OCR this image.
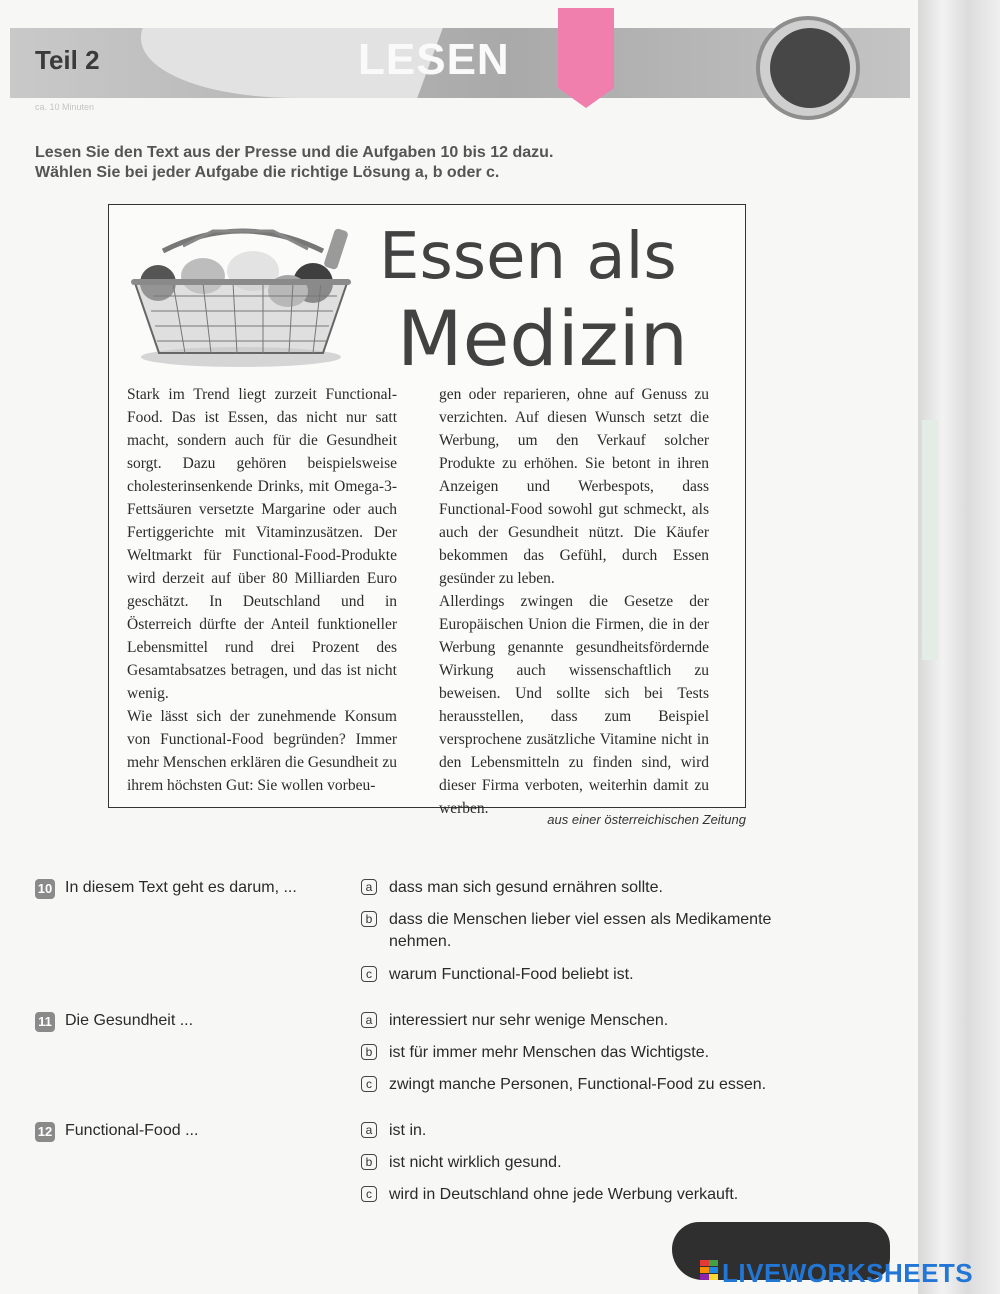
Teil 2	LESEN
ca. 10 Minuten
Lesen Sie den Text aus der Presse und die Aufgaben 10 bis 12 dazu.
Wählen Sie bei jeder Aufgabe die richtige Lösung a, b oder c.
Essen als
Medizin

Stark im Trend liegt zurzeit Functional-Food. Das ist Essen, das nicht nur satt macht, sondern auch für die Gesundheit sorgt. Dazu gehören beispielsweise cholesterinsenkende Drinks, mit Omega-3-Fettsäuren versetzte Margarine oder auch Fertiggerichte mit Vitaminzusätzen. Der Weltmarkt für Functional-Food-Produkte wird derzeit auf über 80 Milliarden Euro geschätzt. In Deutschland und in Österreich dürfte der Anteil funktioneller Lebensmittel rund drei Prozent des Gesamtabsatzes betragen, und das ist nicht wenig.

Wie lässt sich der zunehmende Konsum von Functional-Food begründen? Immer mehr Menschen erklären die Gesundheit zu ihrem höchsten Gut: Sie wollen vorbeu-

gen oder reparieren, ohne auf Genuss zu verzichten. Auf diesen Wunsch setzt die Werbung, um den Verkauf solcher Produkte zu erhöhen. Sie betont in ihren Anzeigen und Werbespots, dass Functional-Food sowohl gut schmeckt, als auch der Gesundheit nützt. Die Käufer bekommen das Gefühl, durch Essen gesünder zu leben.

Allerdings zwingen die Gesetze der Europäischen Union die Firmen, die in der Werbung genannte gesundheitsfördernde Wirkung auch wissenschaftlich zu beweisen. Und sollte sich bei Tests herausstellen, dass zum Beispiel versprochene zusätzliche Vitamine nicht in den Lebensmitteln zu finden sind, wird dieser Firma verboten, weiterhin damit zu werben.

aus einer österreichischen Zeitung
10 In diesem Text geht es darum, ...	a dass man sich gesund ernähren sollte.
b dass die Menschen lieber viel essen als Medikamente nehmen.
c	warum Functional-Food beliebt ist.
11 Die Gesundheit ...	a interessiert nur sehr wenige Menschen.
b ist für immer mehr Menschen das Wichtigste.
c	zwingt manche Personen, Functional-Food zu essen.
12 Functional-Food ...	a ist in.
b ist nicht wirklich gesund.
c	wird in Deutschland ohne jede Werbung verkauft.
LIVEWORKSHEETS
